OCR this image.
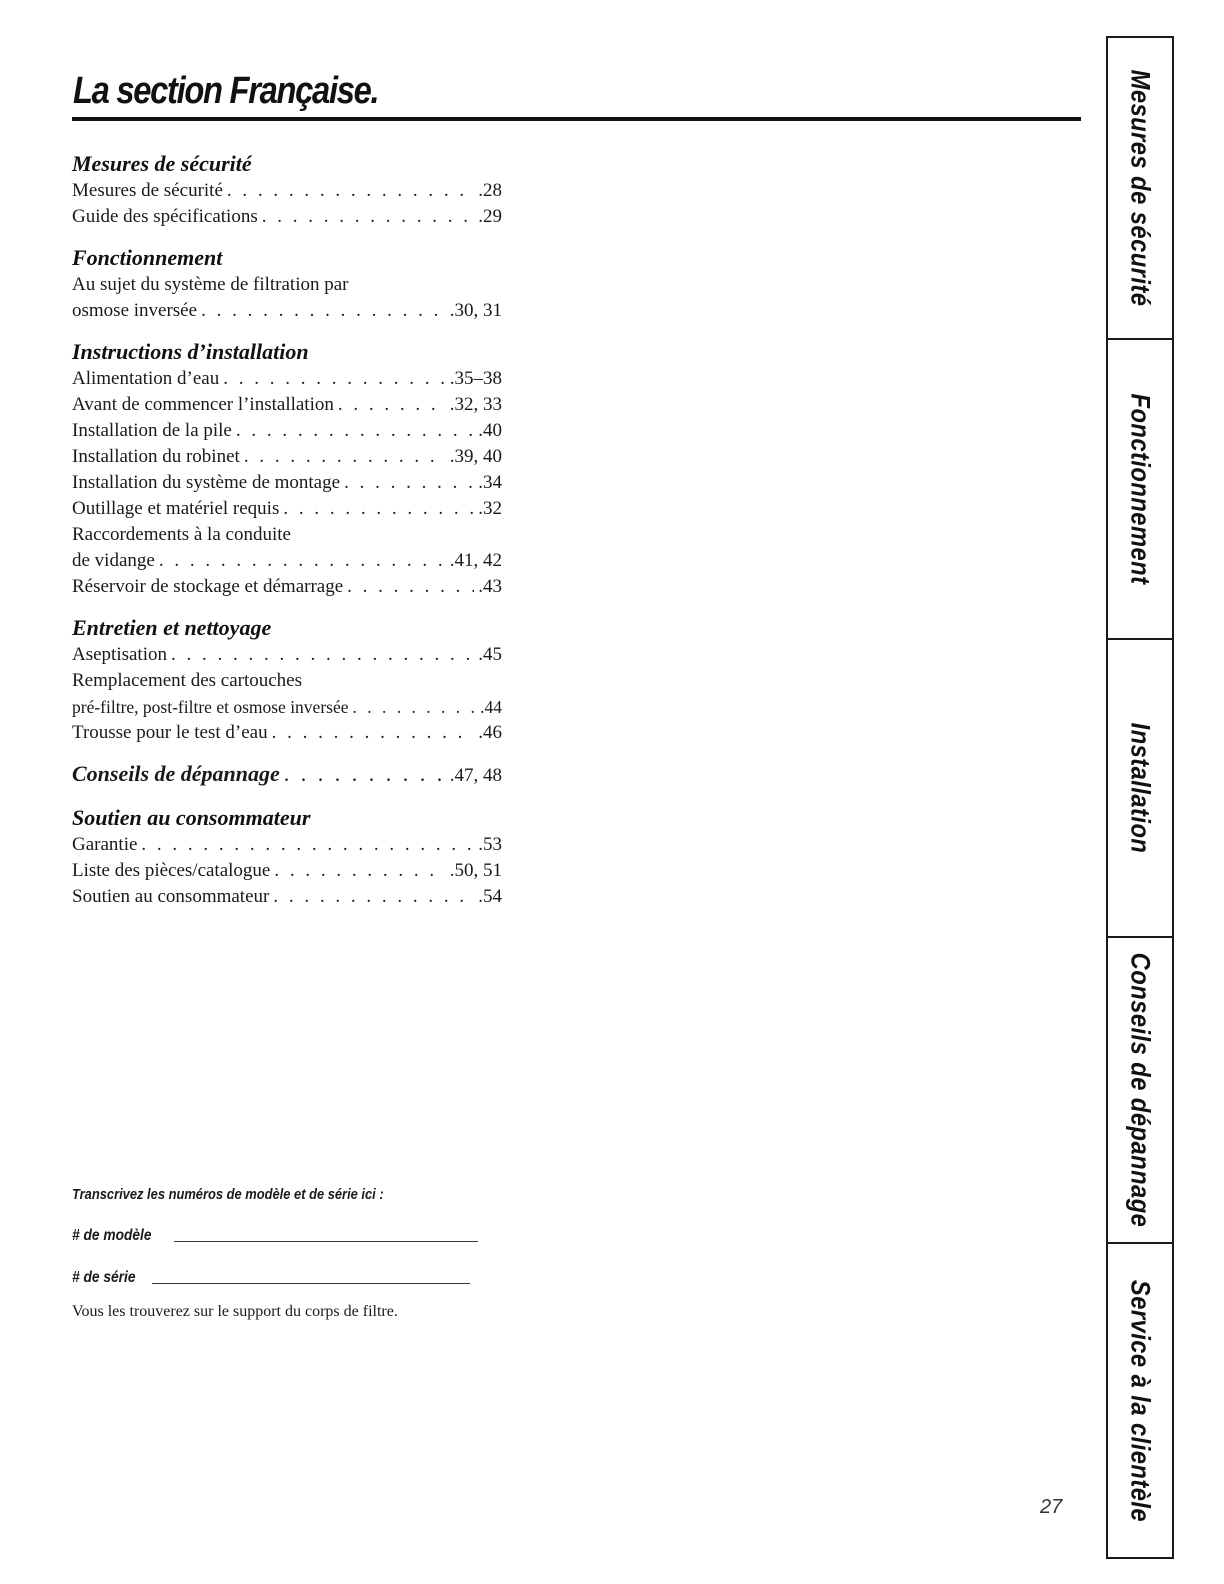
La section Française.
Mesures de sécurité
Mesures de sécurité . . .	.28
Guide des spécifications . . .	.29
Fonctionnement
Au sujet du système de filtration par
osmose inversée . . .	.30, 31
Instructions d’installation
Alimentation d’eau . . .	.35–38
Avant de commencer l’installation . . .	.32, 33
Installation de la pile . . .	.40
Installation du robinet . . .	.39, 40
Installation du système de montage . . .	.34
Outillage et matériel requis . . .	.32
Raccordements à la conduite
de vidange . . .	.41, 42
Réservoir de stockage et démarrage . . .	.43
Entretien et nettoyage
Aseptisation . . .	.45
Remplacement des cartouches
pré-filtre, post-filtre et osmose inversée . . .	.44
Trousse pour le test d’eau . . .	.46
Conseils de dépannage . . .	.47, 48
Soutien au consommateur
Garantie . . .	.53
Liste des pièces/catalogue . . .	.50, 51
Soutien au consommateur . . .	.54
Transcrivez les numéros de modèle et de série ici :
# de modèle
# de série
Vous les trouverez sur le support du corps de filtre.
27
Mesures de sécurité
Fonctionnement
Installation
Conseils de dépannage
Service à la clientèle
